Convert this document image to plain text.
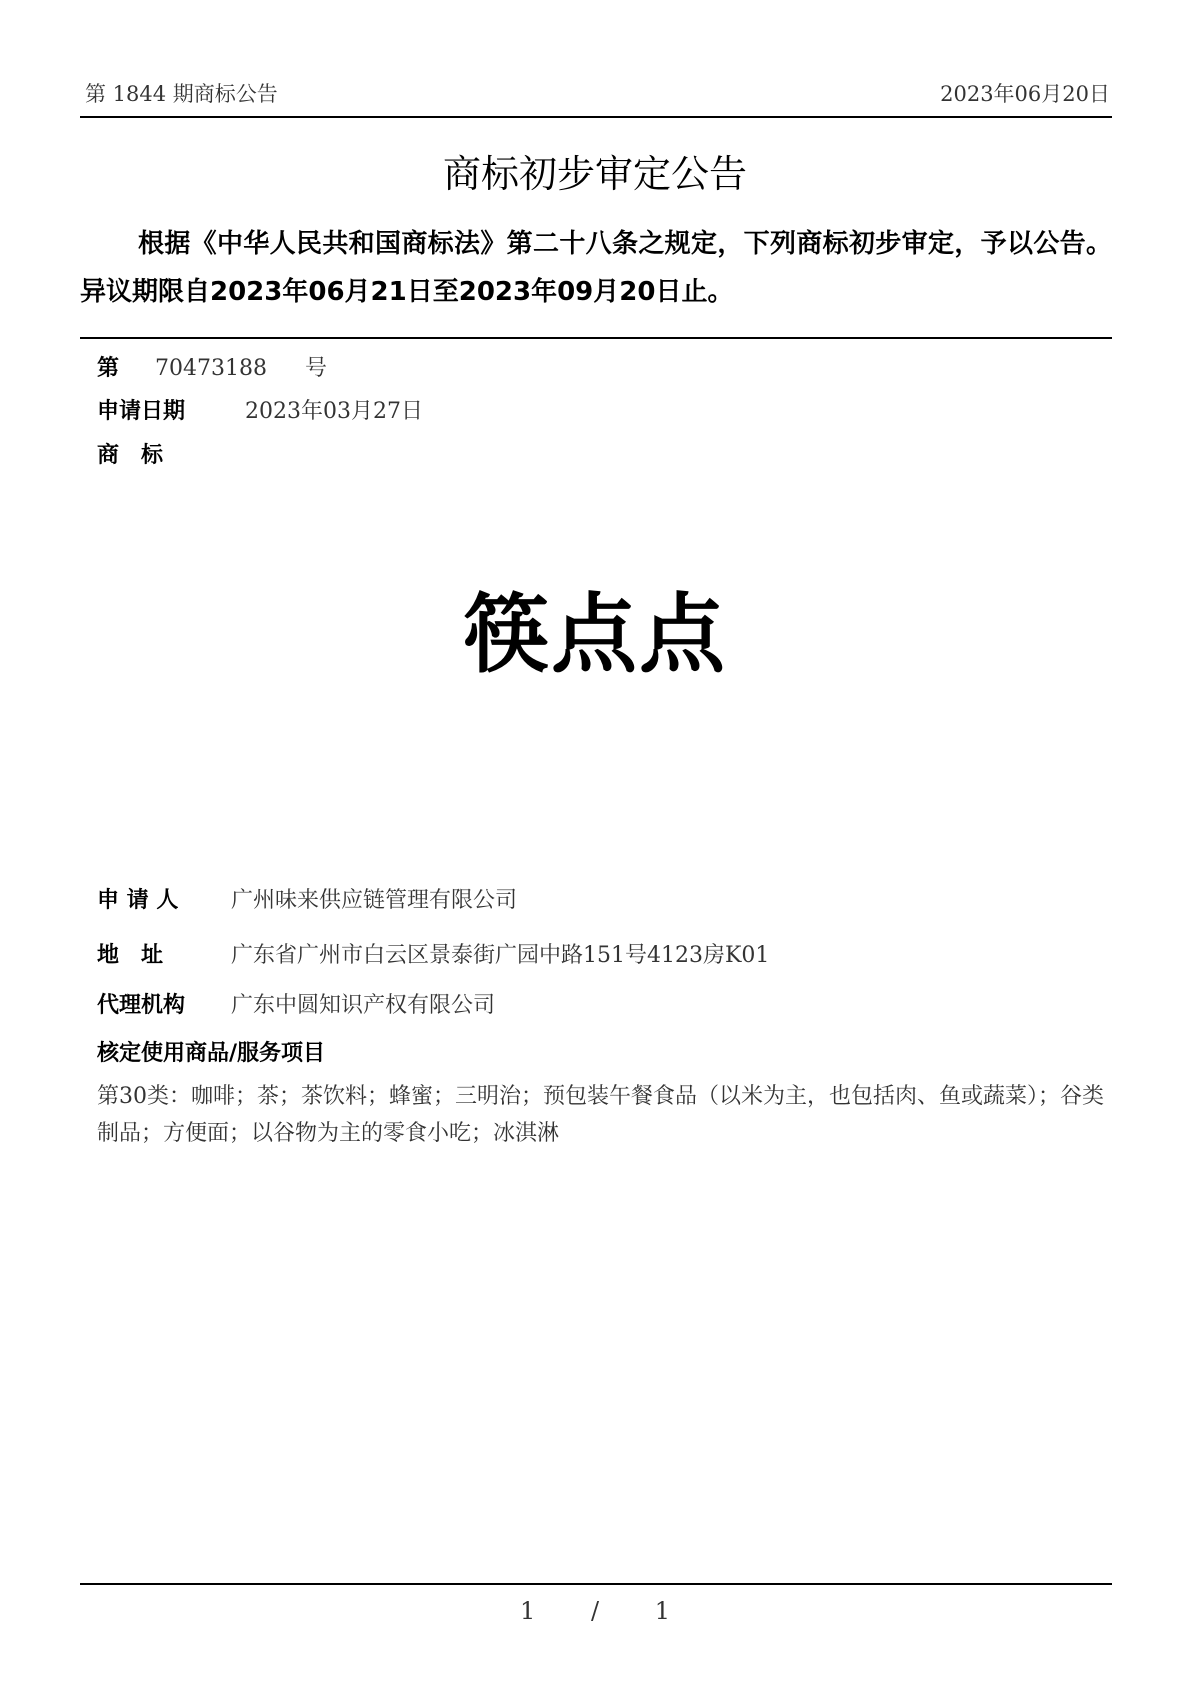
第 1844 期商标公告	2023年06月20日
商标初步审定公告
根据《中华人民共和国商标法》第二十八条之规定，下列商标初步审定，予以公告。异议期限自2023年06月21日至2023年09月20日止。
第 70473188 号
申请日期	2023年03月27日
商　标
筷点点
申 请 人 广州味来供应链管理有限公司
地　址	广东省广州市白云区景泰街广园中路151号4123房K01
代理机构 广东中圆知识产权有限公司
核定使用商品/服务项目
第30类：咖啡；茶；茶饮料；蜂蜜；三明治；预包装午餐食品（以米为主，也包括肉、鱼或蔬菜）；谷类制品；方便面；以谷物为主的零食小吃；冰淇淋
1 / 1
